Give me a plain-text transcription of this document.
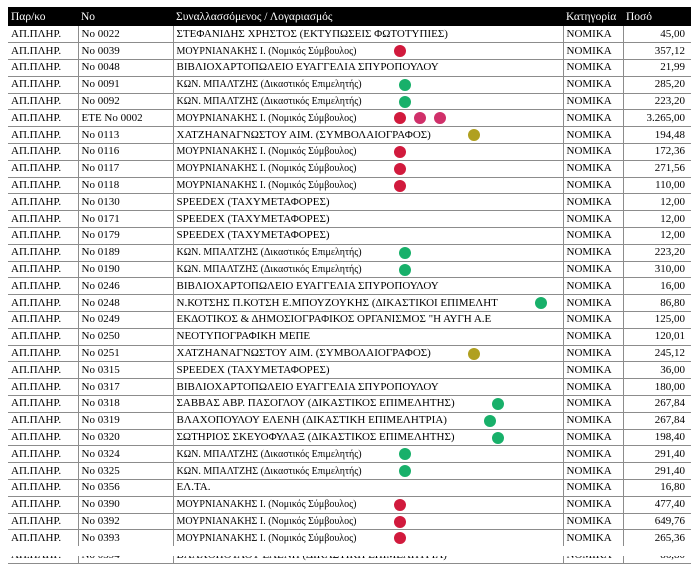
Παρ/κο	Νο	Συναλλασσόμενος / Λογαριασμός	Κατηγορία	Ποσό
ΑΠ.ΠΛΗΡ.	No 0022	ΣΤΕΦΑΝΙΔΗΣ ΧΡΗΣΤΟΣ (ΕΚΤΥΠΩΣΕΙΣ ΦΩΤΟΤΥΠΙΕΣ)	ΝΟΜΙΚΑ	45,00
ΑΠ.ΠΛΗΡ.	No 0039	ΜΟΥΡΝΙΑΝΑΚΗΣ Ι. (Νομικός Σύμβουλος)	ΝΟΜΙΚΑ	357,12
ΑΠ.ΠΛΗΡ.	No 0048	ΒΙΒΛΙΟΧΑΡΤΟΠΩΛΕΙΟ ΕΥΑΓΓΕΛΙΑ ΣΠΥΡΟΠΟΥΛΟΥ	ΝΟΜΙΚΑ	21,99
ΑΠ.ΠΛΗΡ.	No 0091	ΚΩΝ. ΜΠΑΛΤΖΗΣ (Δικαστικός Επιμελητής)	ΝΟΜΙΚΑ	285,20
ΑΠ.ΠΛΗΡ.	No 0092	ΚΩΝ. ΜΠΑΛΤΖΗΣ (Δικαστικός Επιμελητής)	ΝΟΜΙΚΑ	223,20
ΑΠ.ΠΛΗΡ.	ΕΤΕ No 0002	ΜΟΥΡΝΙΑΝΑΚΗΣ Ι. (Νομικός Σύμβουλος)	ΝΟΜΙΚΑ	3.265,00
ΑΠ.ΠΛΗΡ.	No 0113	ΧΑΤΖΗΑΝΑΓΝΩΣΤΟΥ ΑΙΜ. (ΣΥΜΒΟΛΑΙΟΓΡΑΦΟΣ)	ΝΟΜΙΚΑ	194,48
ΑΠ.ΠΛΗΡ.	No 0116	ΜΟΥΡΝΙΑΝΑΚΗΣ Ι. (Νομικός Σύμβουλος)	ΝΟΜΙΚΑ	172,36
ΑΠ.ΠΛΗΡ.	No 0117	ΜΟΥΡΝΙΑΝΑΚΗΣ Ι. (Νομικός Σύμβουλος)	ΝΟΜΙΚΑ	271,56
ΑΠ.ΠΛΗΡ.	No 0118	ΜΟΥΡΝΙΑΝΑΚΗΣ Ι. (Νομικός Σύμβουλος)	ΝΟΜΙΚΑ	110,00
ΑΠ.ΠΛΗΡ.	No 0130	SPEEDEX (ΤΑΧΥΜΕΤΑΦΟΡΕΣ)	ΝΟΜΙΚΑ	12,00
ΑΠ.ΠΛΗΡ.	No 0171	SPEEDEX (ΤΑΧΥΜΕΤΑΦΟΡΕΣ)	ΝΟΜΙΚΑ	12,00
ΑΠ.ΠΛΗΡ.	No 0179	SPEEDEX (ΤΑΧΥΜΕΤΑΦΟΡΕΣ)	ΝΟΜΙΚΑ	12,00
ΑΠ.ΠΛΗΡ.	No 0189	ΚΩΝ. ΜΠΑΛΤΖΗΣ (Δικαστικός Επιμελητής)	ΝΟΜΙΚΑ	223,20
ΑΠ.ΠΛΗΡ.	No 0190	ΚΩΝ. ΜΠΑΛΤΖΗΣ (Δικαστικός Επιμελητής)	ΝΟΜΙΚΑ	310,00
ΑΠ.ΠΛΗΡ.	No 0246	ΒΙΒΛΙΟΧΑΡΤΟΠΩΛΕΙΟ ΕΥΑΓΓΕΛΙΑ ΣΠΥΡΟΠΟΥΛΟΥ	ΝΟΜΙΚΑ	16,00
ΑΠ.ΠΛΗΡ.	No 0248	Ν.ΚΟΤΣΗΣ Π.ΚΟΤΣΗ Ε.ΜΠΟΥΖΟΥΚΗΣ (ΔΙΚΑΣΤΙΚΟΙ ΕΠΙΜΕΛΗΤ	ΝΟΜΙΚΑ	86,80
ΑΠ.ΠΛΗΡ.	No 0249	ΕΚΔΟΤΙΚΟΣ & ΔΗΜΟΣΙΟΓΡΑΦΙΚΟΣ ΟΡΓΑΝΙΣΜΟΣ "Η ΑΥΓΗ Α.Ε	ΝΟΜΙΚΑ	125,00
ΑΠ.ΠΛΗΡ.	No 0250	ΝΕΟΤΥΠΟΓΡΑΦΙΚΗ ΜΕΠΕ	ΝΟΜΙΚΑ	120,01
ΑΠ.ΠΛΗΡ.	No 0251	ΧΑΤΖΗΑΝΑΓΝΩΣΤΟΥ ΑΙΜ. (ΣΥΜΒΟΛΑΙΟΓΡΑΦΟΣ)	ΝΟΜΙΚΑ	245,12
ΑΠ.ΠΛΗΡ.	No 0315	SPEEDEX (ΤΑΧΥΜΕΤΑΦΟΡΕΣ)	ΝΟΜΙΚΑ	36,00
ΑΠ.ΠΛΗΡ.	No 0317	ΒΙΒΛΙΟΧΑΡΤΟΠΩΛΕΙΟ ΕΥΑΓΓΕΛΙΑ ΣΠΥΡΟΠΟΥΛΟΥ	ΝΟΜΙΚΑ	180,00
ΑΠ.ΠΛΗΡ.	No 0318	ΣΑΒΒΑΣ ΑΒΡ. ΠΑΣΟΓΛΟΥ (ΔΙΚΑΣΤΙΚΟΣ ΕΠΙΜΕΛΗΤΗΣ)	ΝΟΜΙΚΑ	267,84
ΑΠ.ΠΛΗΡ.	No 0319	ΒΛΑΧΟΠΟΥΛΟΥ ΕΛΕΝΗ (ΔΙΚΑΣΤΙΚΗ ΕΠΙΜΕΛΗΤΡΙΑ)	ΝΟΜΙΚΑ	267,84
ΑΠ.ΠΛΗΡ.	No 0320	ΣΩΤΗΡΙΟΣ ΣΚΕΥΟΦΥΛΑΞ (ΔΙΚΑΣΤΙΚΟΣ ΕΠΙΜΕΛΗΤΗΣ)	ΝΟΜΙΚΑ	198,40
ΑΠ.ΠΛΗΡ.	No 0324	ΚΩΝ. ΜΠΑΛΤΖΗΣ (Δικαστικός Επιμελητής)	ΝΟΜΙΚΑ	291,40
ΑΠ.ΠΛΗΡ.	No 0325	ΚΩΝ. ΜΠΑΛΤΖΗΣ (Δικαστικός Επιμελητής)	ΝΟΜΙΚΑ	291,40
ΑΠ.ΠΛΗΡ.	No 0356	ΕΛ.ΤΑ.	ΝΟΜΙΚΑ	16,80
ΑΠ.ΠΛΗΡ.	No 0390	ΜΟΥΡΝΙΑΝΑΚΗΣ Ι. (Νομικός Σύμβουλος)	ΝΟΜΙΚΑ	477,40
ΑΠ.ΠΛΗΡ.	No 0392	ΜΟΥΡΝΙΑΝΑΚΗΣ Ι. (Νομικός Σύμβουλος)	ΝΟΜΙΚΑ	649,76
ΑΠ.ΠΛΗΡ.	No 0393	ΜΟΥΡΝΙΑΝΑΚΗΣ Ι. (Νομικός Σύμβουλος)	ΝΟΜΙΚΑ	265,36
